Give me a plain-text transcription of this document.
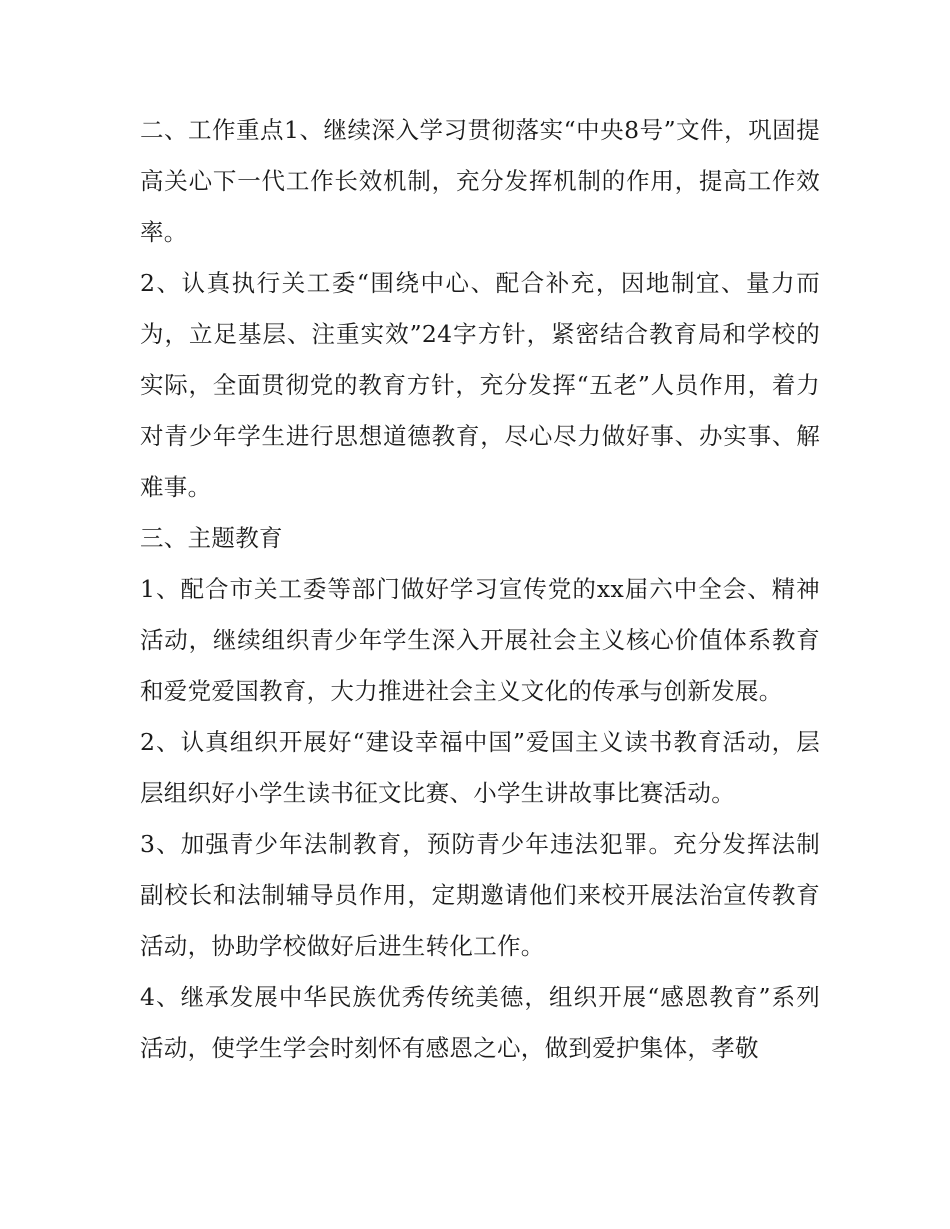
二、工作重点1、继续深入学习贯彻落实“中央8号”文件，巩固提高关心下一代工作长效机制，充分发挥机制的作用，提高工作效率。

2、认真执行关工委“围绕中心、配合补充，因地制宜、量力而为，立足基层、注重实效”24字方针，紧密结合教育局和学校的实际，全面贯彻党的教育方针，充分发挥“五老”人员作用，着力对青少年学生进行思想道德教育，尽心尽力做好事、办实事、解难事。

三、主题教育

1、配合市关工委等部门做好学习宣传党的xx届六中全会、精神活动，继续组织青少年学生深入开展社会主义核心价值体系教育和爱党爱国教育，大力推进社会主义文化的传承与创新发展。

2、认真组织开展好“建设幸福中国”爱国主义读书教育活动，层层组织好小学生读书征文比赛、小学生讲故事比赛活动。

3、加强青少年法制教育，预防青少年违法犯罪。充分发挥法制副校长和法制辅导员作用，定期邀请他们来校开展法治宣传教育活动，协助学校做好后进生转化工作。

4、继承发展中华民族优秀传统美德，组织开展“感恩教育”系列活动，使学生学会时刻怀有感恩之心，做到爱护集体，孝敬
